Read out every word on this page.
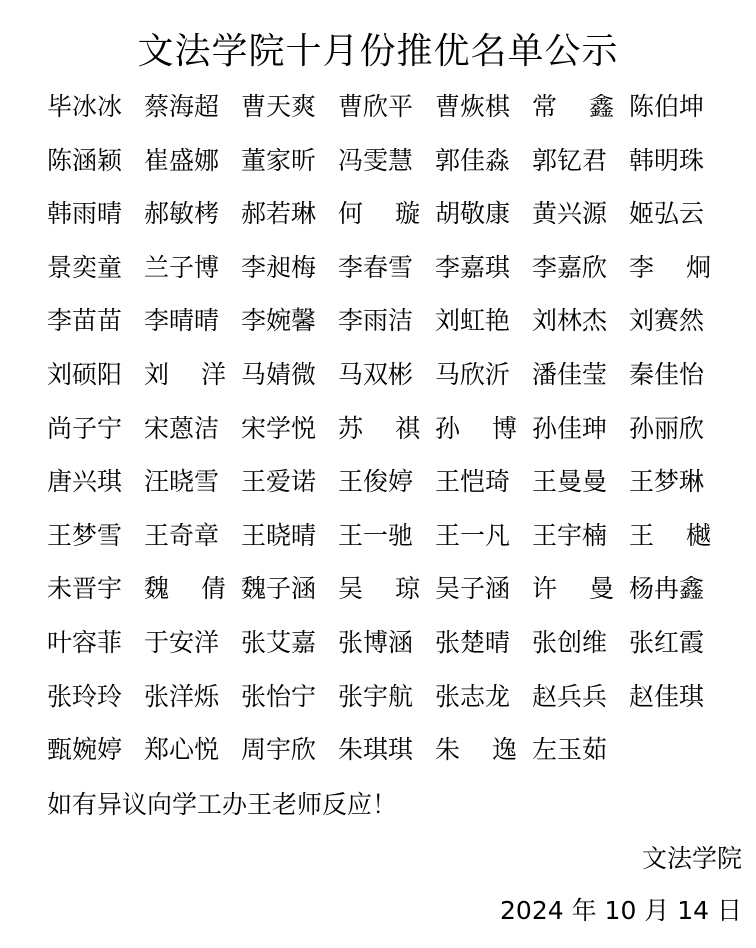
文法学院十月份推优名单公示
毕冰冰 蔡海超 曹天爽 曹欣平 曹烣棋 常 鑫 陈伯坤
陈涵颖 崔盛娜 董家昕 冯雯慧 郭佳淼 郭钇君 韩明珠
韩雨晴 郝敏栲 郝若琳 何 璇 胡敬康 黄兴源 姬弘云
景奕童 兰子博 李昶梅 李春雪 李嘉琪 李嘉欣 李 炯
李苗苗 李晴晴 李婉馨 李雨洁 刘虹艳 刘林杰 刘赛然
刘硕阳 刘 洋 马婧微 马双彬 马欣沂 潘佳莹 秦佳怡
尚子宁 宋蒽洁 宋学悦 苏 祺 孙 博 孙佳珅 孙丽欣
唐兴琪 汪晓雪 王爱诺 王俊婷 王恺琦 王曼曼 王梦琳
王梦雪 王奇章 王晓晴 王一驰 王一凡 王宇楠 王 樾
未晋宇 魏 倩 魏子涵 吴 琼 吴子涵 许 曼 杨冉鑫
叶容菲 于安洋 张艾嘉 张博涵 张楚晴 张创维 张红霞
张玲玲 张洋烁 张怡宁 张宇航 张志龙 赵兵兵 赵佳琪
甄婉婷 郑心悦 周宇欣 朱琪琪 朱 逸 左玉茹
如有异议向学工办王老师反应！
文法学院
2024 年 10 月 14 日
